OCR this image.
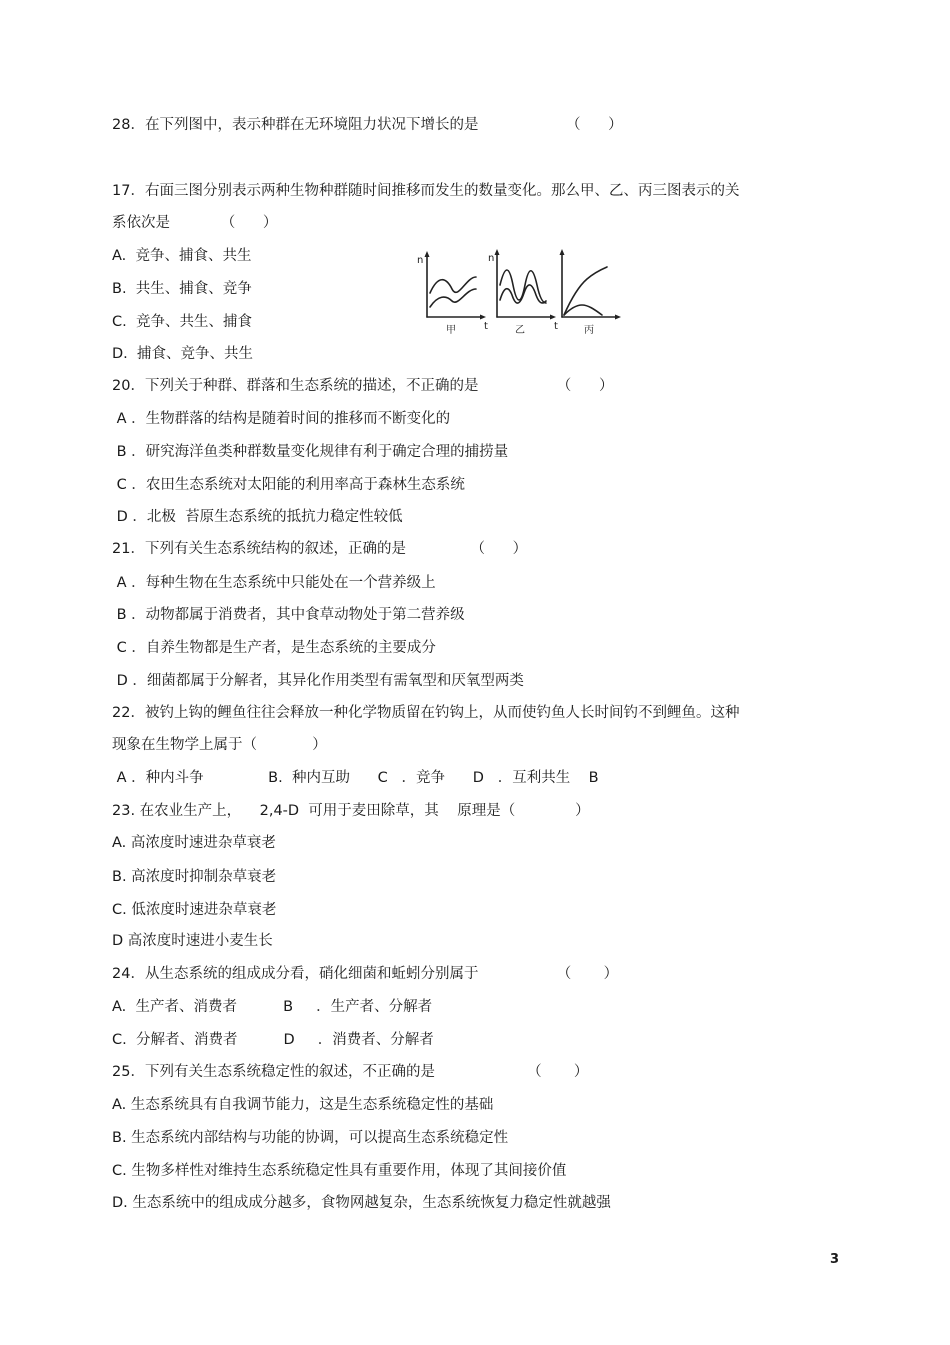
28．在下列图中，表示种群在无环境阻力状况下增长的是                   （      ）
17．右面三图分别表示两种生物种群随时间推移而发生的数量变化。那么甲、乙、丙三图表示的关
系依次是           （      ）
A.  竞争、捕食、共生
B.  共生、捕食、竞争
C.  竞争、共生、捕食
D.  捕食、竞争、共生
20．下列关于种群、群落和生态系统的描述，不正确的是                 （      ）
A ．生物群落的结构是随着时间的推移而不断变化的
B ．研究海洋鱼类种群数量变化规律有利于确定合理的捕捞量
C ．农田生态系统对太阳能的利用率高于森林生态系统
D ．北极  苔原生态系统的抵抗力稳定性较低
21．下列有关生态系统结构的叙述，正确的是              （      ）
A ．每种生物在生态系统中只能处在一个营养级上
B ．动物都属于消费者，其中食草动物处于第二营养级
C ．自养生物都是生产者，是生态系统的主要成分
D ．细菌都属于分解者，其异化作用类型有需氧型和厌氧型两类
22．被钓上钩的鲤鱼往往会释放一种化学物质留在钓钩上，从而使钓鱼人长时间钓不到鲤鱼。这种
现象在生物学上属于（            ）
A ．种内斗争              B.  种内互助      C   ．竞争      D   ．互利共生    B
23. 在农业生产上，    2,4-D  可用于麦田除草，其    原理是（             ）
A. 高浓度时速进杂草衰老
B. 高浓度时抑制杂草衰老
C. 低浓度时速进杂草衰老
D 高浓度时速进小麦生长
24．从生态系统的组成成分看，硝化细菌和蚯蚓分别属于                 （       ）
A.  生产者、消费者          B     ．生产者、分解者
C.  分解者、消费者          D     ．消费者、分解者
25．下列有关生态系统稳定性的叙述，不正确的是                    （       ）
A. 生态系统具有自我调节能力，这是生态系统稳定性的基础
B. 生态系统内部结构与功能的协调，可以提高生态系统稳定性
C. 生物多样性对维持生态系统稳定性具有重要作用，体现了其间接价值
D. 生态系统中的组成成分越多，食物网越复杂，生态系统恢复力稳定性就越强
n
t
甲
n
t
乙	丙
3
